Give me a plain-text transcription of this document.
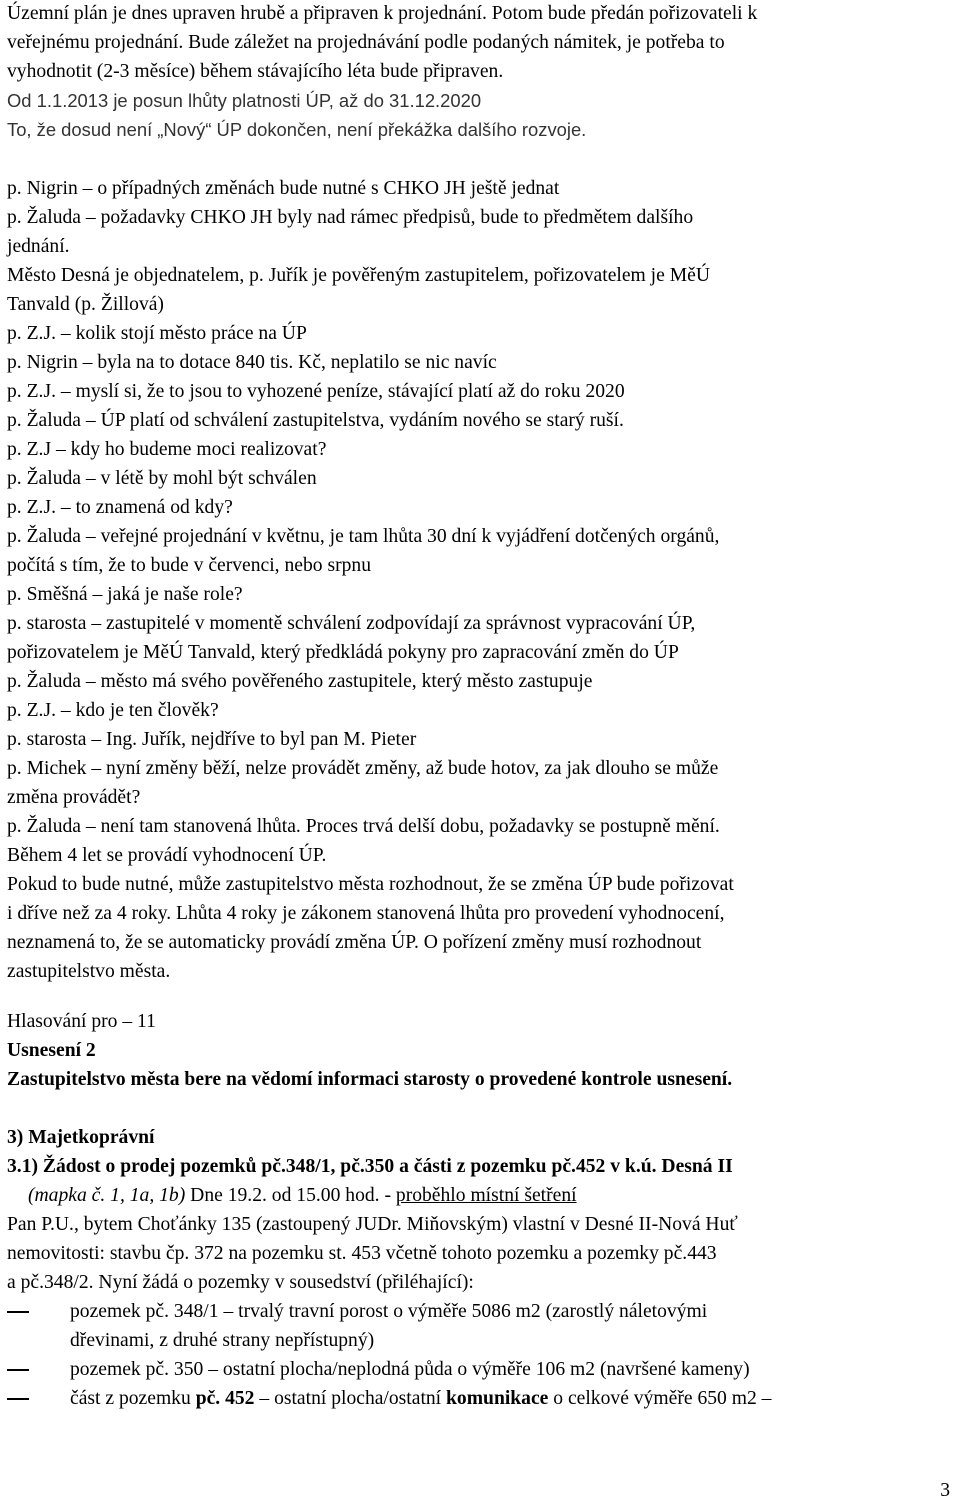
Územní plán je dnes upraven hrubě a připraven k projednání. Potom bude předán pořizovateli k
veřejnému projednání. Bude záležet na projednávání podle podaných námitek, je potřeba to
vyhodnotit (2-3 měsíce) během stávajícího léta bude připraven.
Od 1.1.2013 je posun lhůty platnosti ÚP, až do 31.12.2020
To, že dosud není „Nový“ ÚP dokončen, není překážka dalšího rozvoje.
p. Nigrin – o případných změnách bude nutné s CHKO JH ještě jednat
p. Žaluda – požadavky CHKO JH byly nad rámec předpisů, bude to předmětem dalšího
jednání.
Město Desná je objednatelem, p. Juřík je pověřeným zastupitelem, pořizovatelem je MěÚ
Tanvald (p. Žillová)
p. Z.J. – kolik stojí město práce na ÚP
p. Nigrin – byla na to dotace 840 tis. Kč, neplatilo se nic navíc
p. Z.J. – myslí si, že to jsou to vyhozené peníze, stávající platí až do roku 2020
p. Žaluda – ÚP platí od schválení zastupitelstva, vydáním nového se starý ruší.
p. Z.J – kdy ho budeme moci realizovat?
p. Žaluda – v létě by mohl být schválen
p. Z.J. – to znamená od kdy?
p. Žaluda – veřejné projednání v květnu, je tam lhůta 30 dní k vyjádření dotčených orgánů,
počítá s tím, že to bude v červenci, nebo srpnu
p. Směšná – jaká je naše role?
p. starosta – zastupitelé v momentě schválení zodpovídají za správnost vypracování ÚP,
pořizovatelem je MěÚ Tanvald, který předkládá pokyny pro zapracování změn do ÚP
p. Žaluda – město má svého pověřeného zastupitele, který město zastupuje
p. Z.J. – kdo je ten člověk?
p. starosta – Ing. Juřík, nejdříve to byl pan M. Pieter
p. Michek – nyní změny běží, nelze provádět změny, až bude hotov, za jak dlouho se může
změna provádět?
p. Žaluda – není tam stanovená lhůta. Proces trvá delší dobu, požadavky se postupně mění.
Během 4 let se provádí vyhodnocení ÚP.
Pokud to bude nutné, může zastupitelstvo města rozhodnout, že se změna ÚP bude pořizovat
i dříve než za 4 roky. Lhůta 4 roky je zákonem stanovená lhůta pro provedení vyhodnocení,
neznamená to, že se automaticky provádí změna ÚP. O pořízení změny musí rozhodnout
zastupitelstvo města.
Hlasování pro – 11
Usnesení 2
Zastupitelstvo města bere na vědomí informaci starosty o provedené kontrole usnesení.
3) Majetkoprávní
3.1) Žádost o prodej pozemků pč.348/1, pč.350 a části z pozemku pč.452 v k.ú. Desná II
(mapka č. 1, 1a, 1b) Dne 19.2. od 15.00 hod. - proběhlo místní šetření
Pan P.U., bytem Choťánky 135 (zastoupený JUDr. Miňovským) vlastní v Desné II-Nová Huť
nemovitosti: stavbu čp. 372 na pozemku st. 453 včetně tohoto pozemku a pozemky pč.443
a pč.348/2. Nyní žádá o pozemky v sousedství (přiléhající):
pozemek pč. 348/1 – trvalý travní porost o výměře 5086 m2 (zarostlý náletovými
dřevinami, z druhé strany nepřístupný)
pozemek pč. 350 – ostatní plocha/neplodná půda o výměře 106 m2 (navršené kameny)
část z pozemku pč. 452 – ostatní plocha/ostatní komunikace o celkové výměře 650 m2 –
3
